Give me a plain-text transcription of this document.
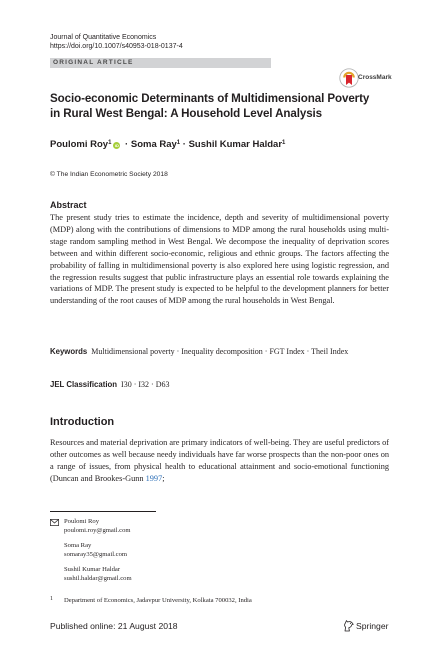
Journal of Quantitative Economics
https://doi.org/10.1007/s40953-018-0137-4
ORIGINAL ARTICLE
CrossMark
Socio-economic Determinants of Multidimensional Poverty in Rural West Bengal: A Household Level Analysis
Poulomi Roy$^1$ iD · Soma Ray$^1$ · Sushil Kumar Haldar$^1$
© The Indian Econometric Society 2018
Abstract
The present study tries to estimate the incidence, depth and severity of multidimensional poverty (MDP) along with the contributions of dimensions to MDP among the rural households using multi-stage random sampling method in West Bengal. We decompose the inequality of deprivation scores between and within different socio-economic, religious and ethnic groups. The factors affecting the probability of falling in multidimensional poverty is also explored here using logistic regression, and the regression results suggest that public infrastructure plays an essential role towards explaining the variations of MDP. The present study is expected to be helpful to the development planners for better understanding of the root causes of MDP among the rural households in West Bengal.
Keywords Multidimensional poverty · Inequality decomposition · FGT Index · Theil Index
JEL Classification I30 · I32 · D63
Introduction
Resources and material deprivation are primary indicators of well-being. They are useful predictors of other outcomes as well because needy individuals have far worse prospects than the non-poor ones on a range of issues, from physical health to educational attainment and socio-emotional functioning (Duncan and Brookes-Gunn 1997;
Poulomi Roy
poulomi.roy@gmail.com
Soma Ray
somaray35@gmail.com
Sushil Kumar Haldar
sushil.haldar@gmail.com
1 Department of Economics, Jadavpur University, Kolkata 700032, India
Published online: 21 August 2018	Springer
